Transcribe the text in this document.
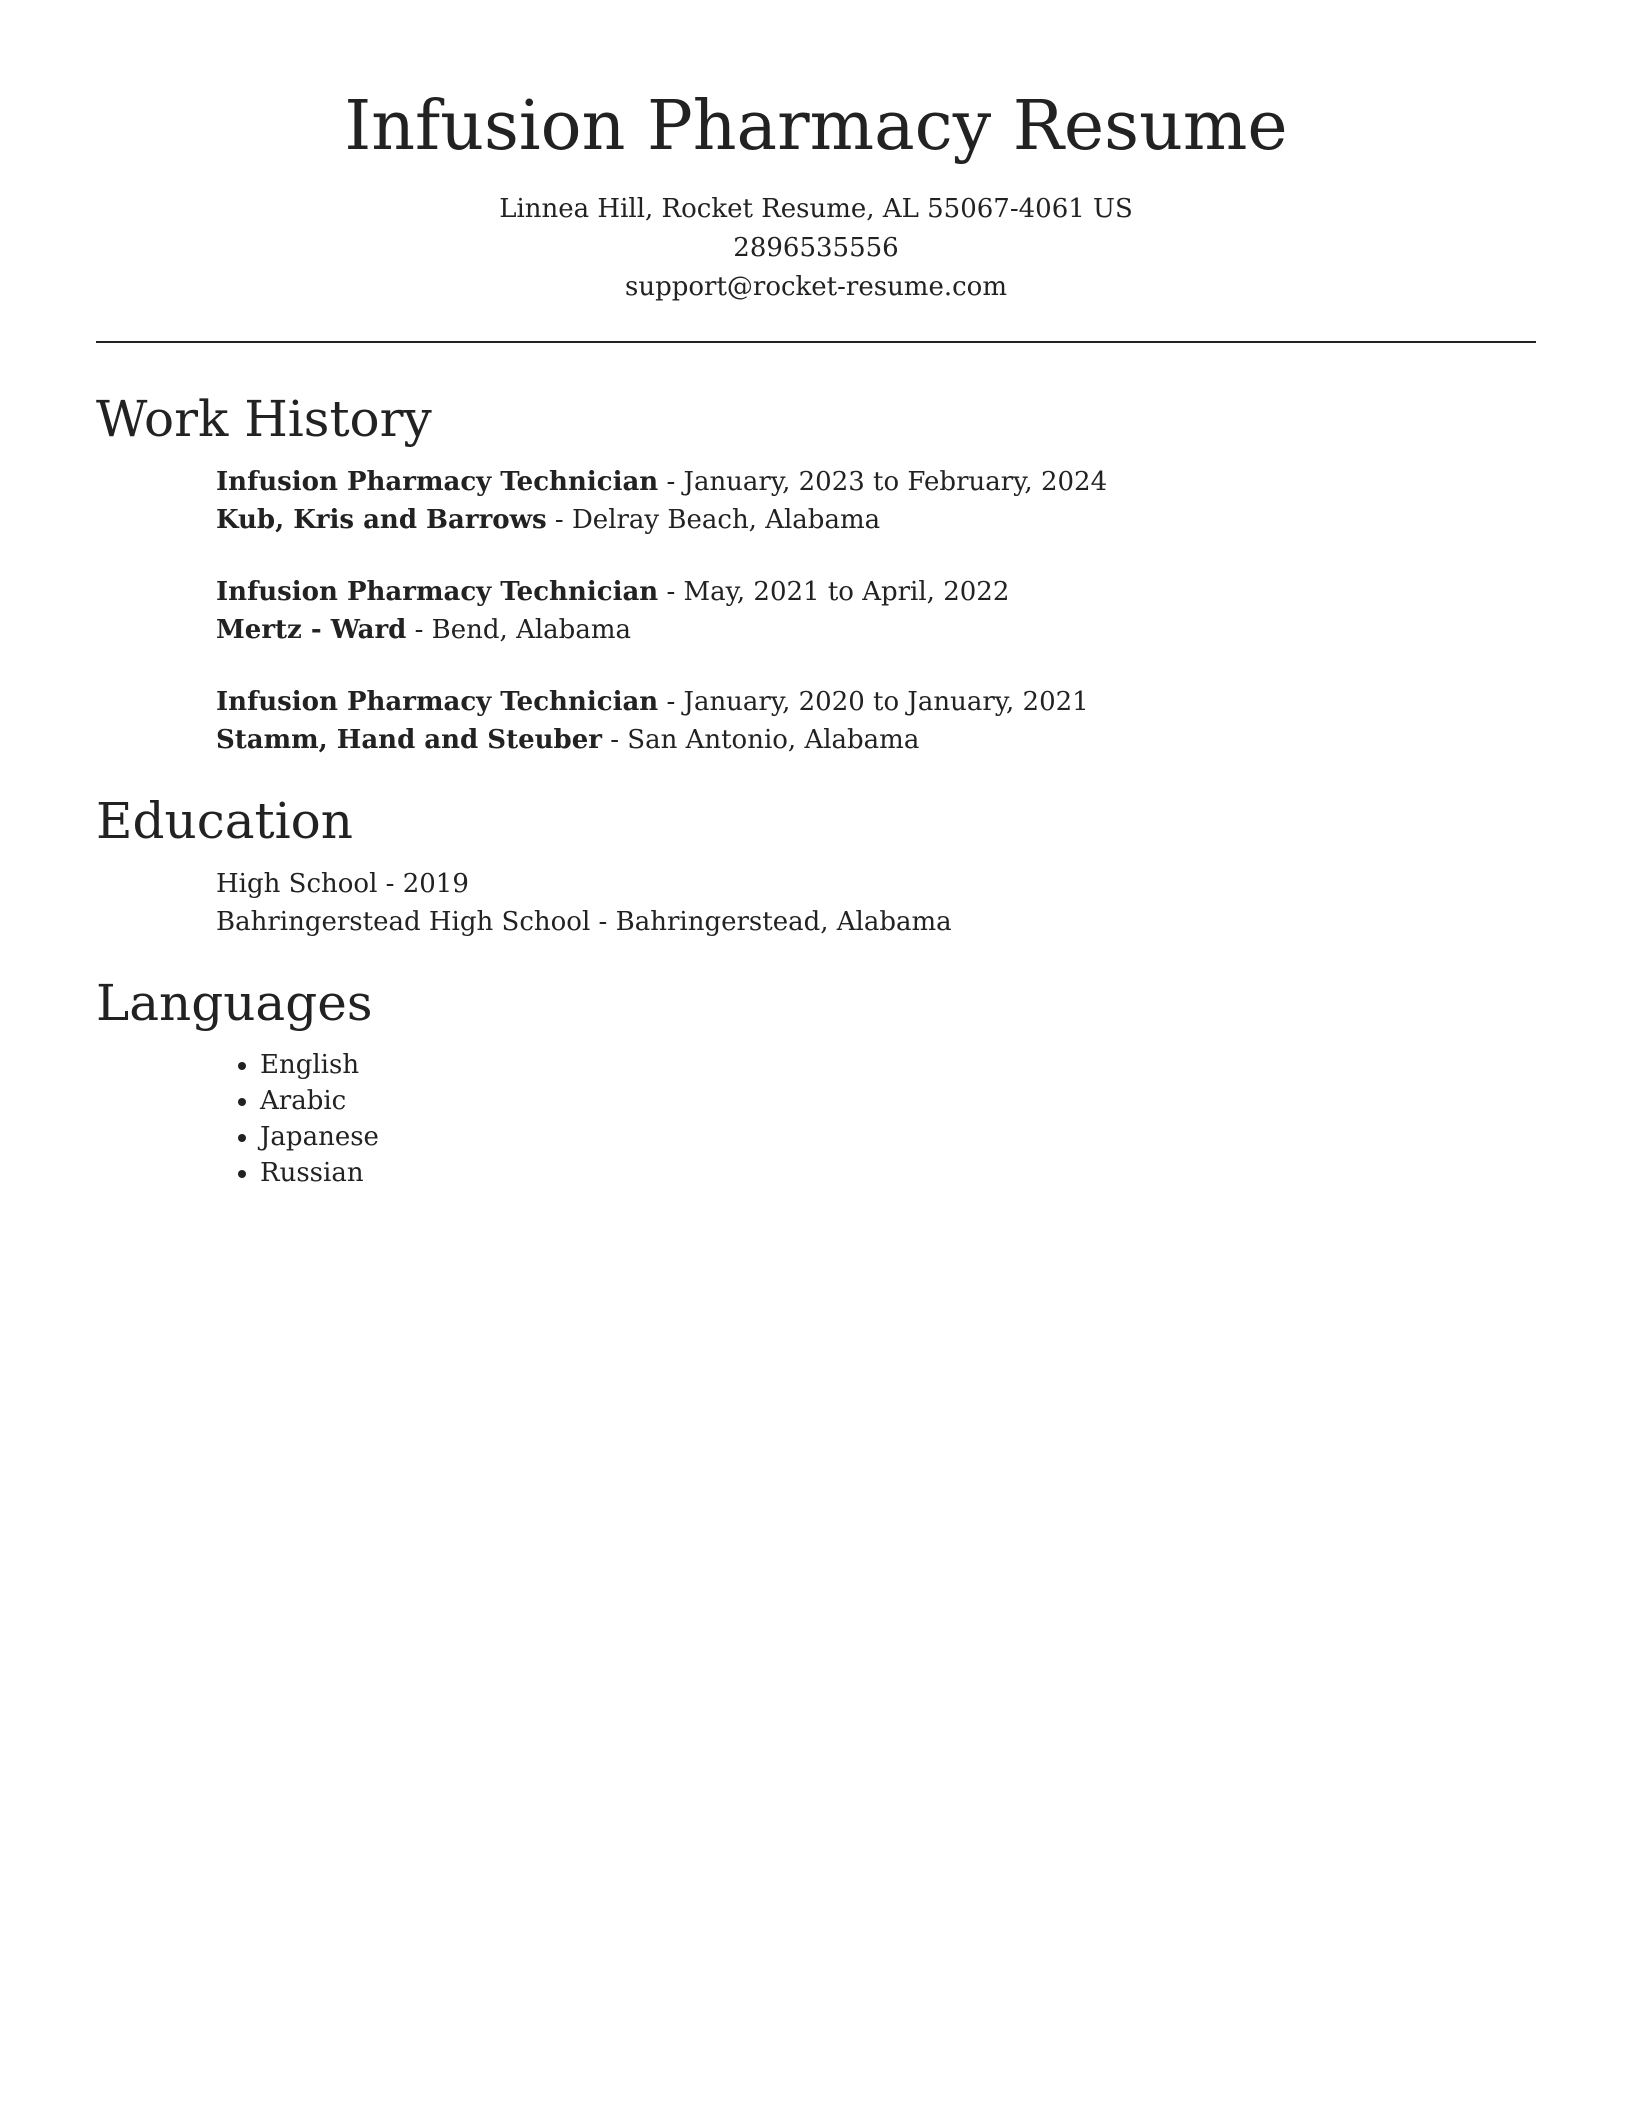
Infusion Pharmacy Resume
Linnea Hill, Rocket Resume, AL 55067-4061 US
2896535556
support@rocket-resume.com
Work History
Infusion Pharmacy Technician - January, 2023 to February, 2024
Kub, Kris and Barrows - Delray Beach, Alabama
Infusion Pharmacy Technician - May, 2021 to April, 2022
Mertz - Ward - Bend, Alabama
Infusion Pharmacy Technician - January, 2020 to January, 2021
Stamm, Hand and Steuber - San Antonio, Alabama
Education
High School - 2019
Bahringerstead High School - Bahringerstead, Alabama
Languages
• English
• Arabic
• Japanese
• Russian
